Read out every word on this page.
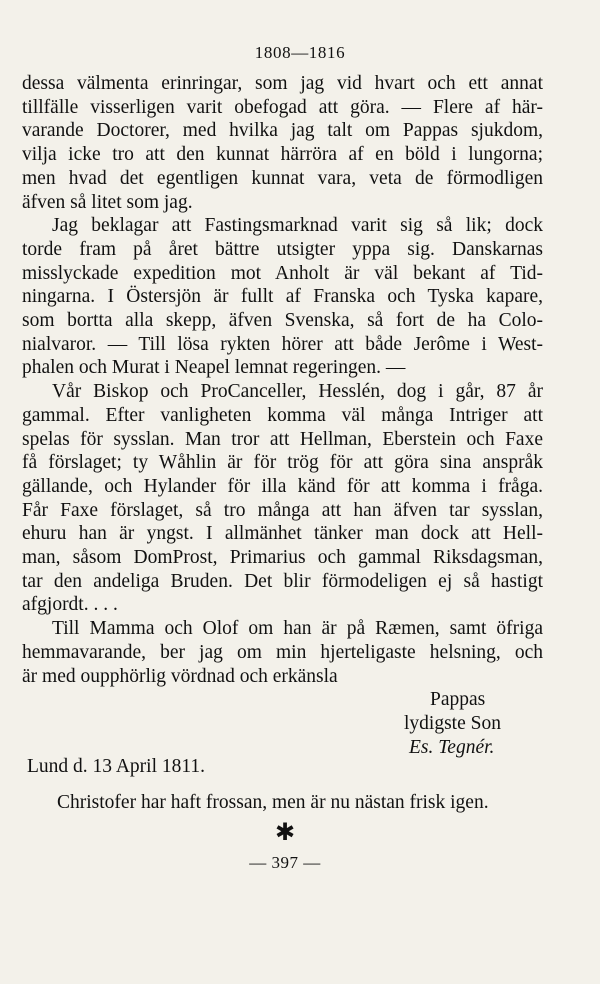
1808—1816
dessa välmenta erinringar, som jag vid hvart och ett annat
tillfälle visserligen varit obefogad att göra. — Flere af här-
varande Doctorer, med hvilka jag talt om Pappas sjukdom,
vilja icke tro att den kunnat härröra af en böld i lungorna;
men hvad det egentligen kunnat vara, veta de förmodligen
äfven så litet som jag.
Jag beklagar att Fastingsmarknad varit sig så lik; dock
torde fram på året bättre utsigter yppa sig. Danskarnas
misslyckade expedition mot Anholt är väl bekant af Tid-
ningarna. I Östersjön är fullt af Franska och Tyska kapare,
som bortta alla skepp, äfven Svenska, så fort de ha Colo-
nialvaror. — Till lösa rykten hörer att både Jerôme i West-
phalen och Murat i Neapel lemnat regeringen. —
Vår Biskop och ProCanceller, Hesslén, dog i går, 87 år
gammal. Efter vanligheten komma väl många Intriger att
spelas för sysslan. Man tror att Hellman, Eberstein och Faxe
få förslaget; ty Wåhlin är för trög för att göra sina anspråk
gällande, och Hylander för illa känd för att komma i fråga.
Får Faxe förslaget, så tro många att han äfven tar sysslan,
ehuru han är yngst. I allmänhet tänker man dock att Hell-
man, såsom DomProst, Primarius och gammal Riksdagsman,
tar den andeliga Bruden. Det blir förmodeligen ej så hastigt
afgjordt. . . .
Till Mamma och Olof om han är på Ræmen, samt öfriga
hemmavarande, ber jag om min hjerteligaste helsning, och
är med oupphörlig vördnad och erkänsla
Pappas
lydigste Son
Es. Tegnér.
Lund d. 13 April 1811.
Christofer har haft frossan, men är nu nästan frisk igen.
✱
— 397 —
